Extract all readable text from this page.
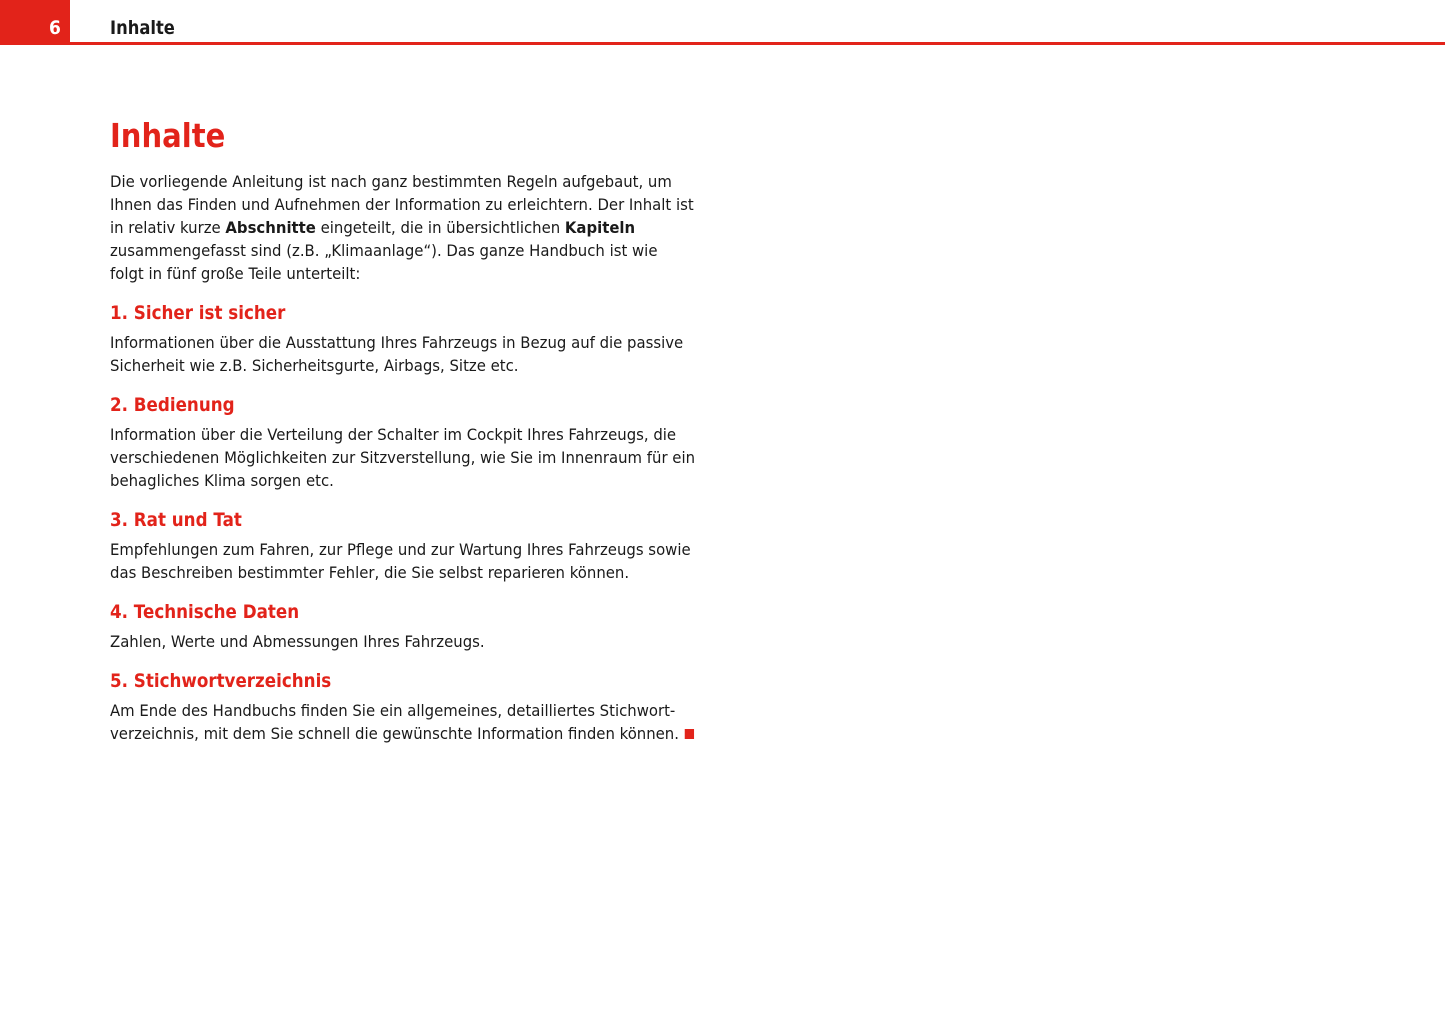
6	Inhalte
Inhalte

Die vorliegende Anleitung ist nach ganz bestimmten Regeln aufgebaut, um Ihnen das Finden und Aufnehmen der Information zu erleichtern. Der Inhalt ist in relativ kurze Abschnitte eingeteilt, die in übersichtlichen Kapiteln zusammengefasst sind (z.B. „Klimaanlage“). Das ganze Handbuch ist wie folgt in fünf große Teile unterteilt:

1. Sicher ist sicher

Informationen über die Ausstattung Ihres Fahrzeugs in Bezug auf die passive Sicherheit wie z.B. Sicherheitsgurte, Airbags, Sitze etc.

2. Bedienung

Information über die Verteilung der Schalter im Cockpit Ihres Fahrzeugs, die verschiedenen Möglichkeiten zur Sitzverstellung, wie Sie im Innenraum für ein behagliches Klima sorgen etc.

3. Rat und Tat

Empfehlungen zum Fahren, zur Pflege und zur Wartung Ihres Fahrzeugs sowie das Beschreiben bestimmter Fehler, die Sie selbst reparieren können.

4. Technische Daten

Zahlen, Werte und Abmessungen Ihres Fahrzeugs.

5. Stichwortverzeichnis

Am Ende des Handbuchs finden Sie ein allgemeines, detailliertes Stichwort-verzeichnis, mit dem Sie schnell die gewünschte Information finden können.
